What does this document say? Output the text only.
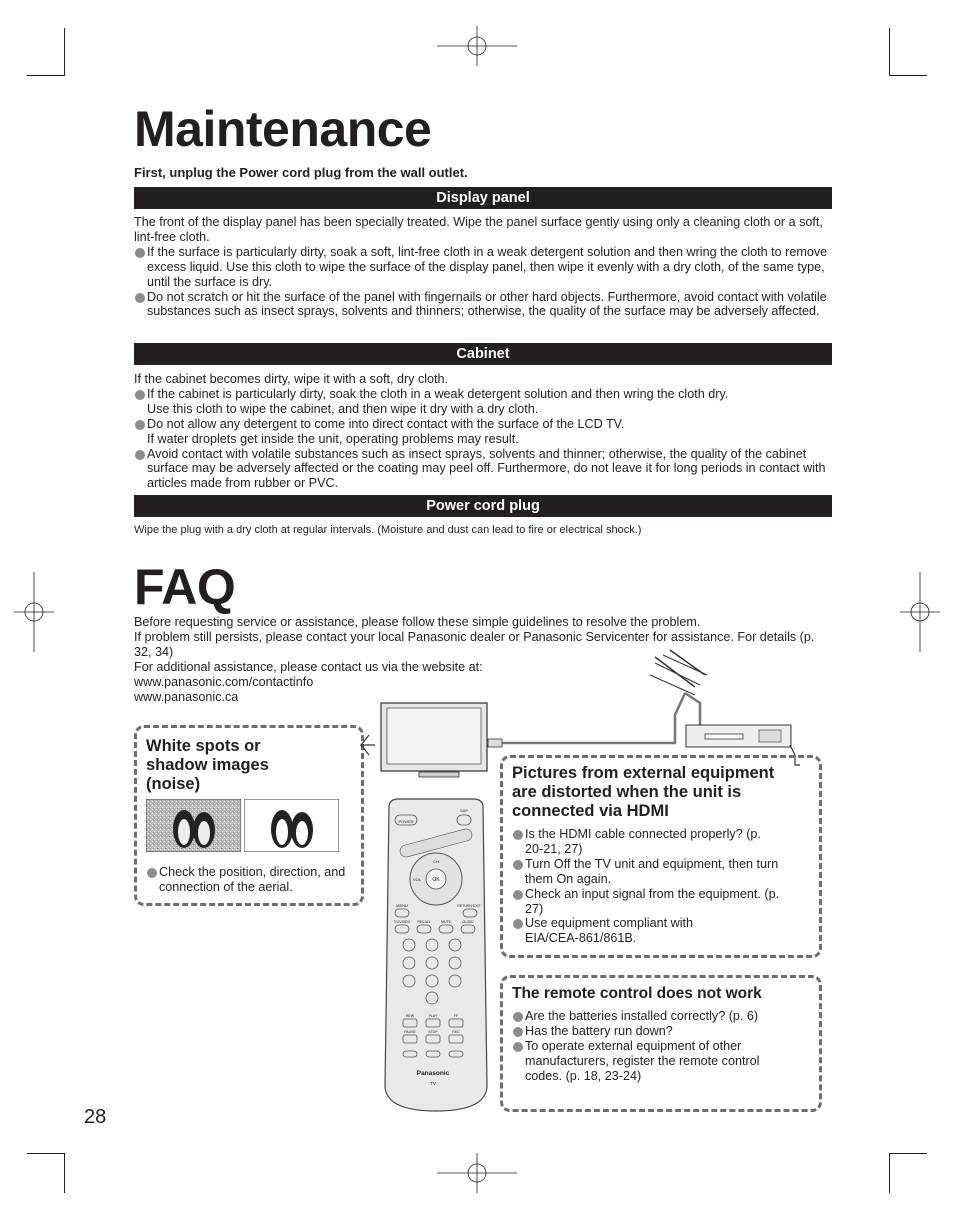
Maintenance
First, unplug the Power cord plug from the wall outlet.
Display panel
The front of the display panel has been specially treated. Wipe the panel surface gently using only a cleaning cloth or a soft, lint-free cloth.
If the surface is particularly dirty, soak a soft, lint-free cloth in a weak detergent solution and then wring the cloth to remove excess liquid. Use this cloth to wipe the surface of the display panel, then wipe it evenly with a dry cloth, of the same type, until the surface is dry.
Do not scratch or hit the surface of the panel with fingernails or other hard objects. Furthermore, avoid contact with volatile substances such as insect sprays, solvents and thinners; otherwise, the quality of the surface may be adversely affected.
Cabinet
If the cabinet becomes dirty, wipe it with a soft, dry cloth.
If the cabinet is particularly dirty, soak the cloth in a weak detergent solution and then wring the cloth dry.
Use this cloth to wipe the cabinet, and then wipe it dry with a dry cloth.
Do not allow any detergent to come into direct contact with the surface of the LCD TV.
If water droplets get inside the unit, operating problems may result.
Avoid contact with volatile substances such as insect sprays, solvents and thinner; otherwise, the quality of the cabinet surface may be adversely affected or the coating may peel off. Furthermore, do not leave it for long periods in contact with articles made from rubber or PVC.
Power cord plug
Wipe the plug with a dry cloth at regular intervals. (Moisture and dust can lead to fire or electrical shock.)
FAQ
Before requesting service or assistance, please follow these simple guidelines to resolve the problem.
If problem still persists, please contact your local Panasonic dealer or Panasonic Servicenter for assistance. For details (p. 32, 34)
For additional assistance, please contact us via the website at:
www.panasonic.com/contactinfo
www.panasonic.ca
White spots or shadow images (noise)
Check the position, direction, and connection of the aerial.
POWER
SAP
OK
VOL
CH
MENU	RETURN EXIT
TV/VIDEO RECALL	MUTE	GUIDE
REW	PLAY	FF
PAUSE	STOP	REC
Panasonic
TV
Pictures from external equipment are distorted when the unit is connected via HDMI
Is the HDMI cable connected properly? (p. 20-21, 27)
Turn Off the TV unit and equipment, then turn them On again.
Check an input signal from the equipment. (p. 27)
Use equipment compliant with EIA/CEA-861/861B.
The remote control does not work
Are the batteries installed correctly? (p. 6)
Has the battery run down?
To operate external equipment of other manufacturers, register the remote control codes. (p. 18, 23-24)
28
